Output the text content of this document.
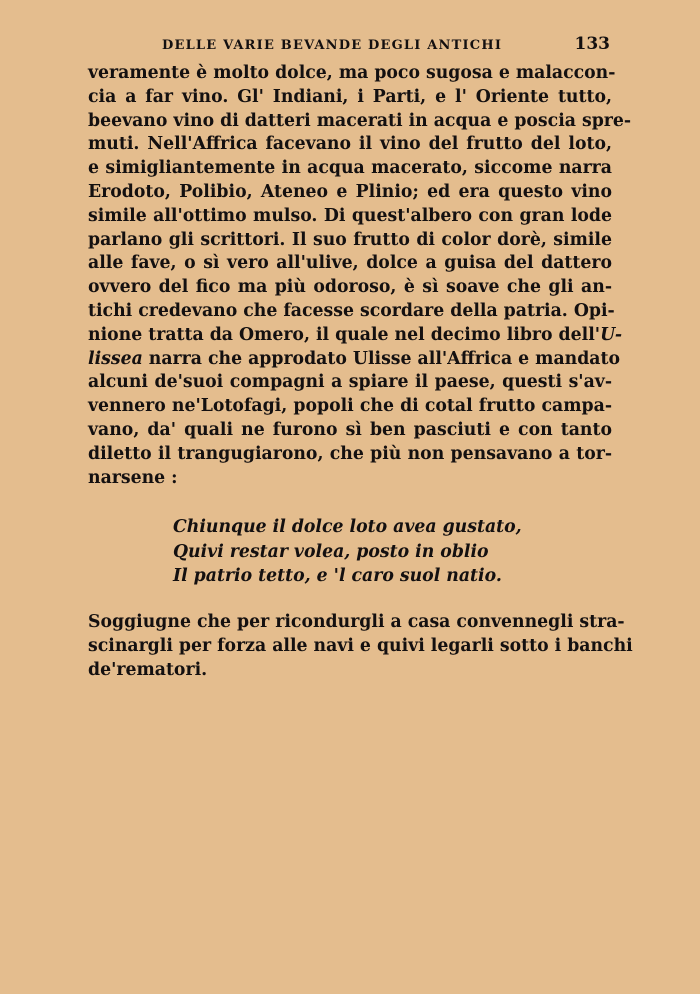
DELLE VARIE BEVANDE DEGLI ANTICHI	133
veramente è molto dolce, ma poco sugosa e malaccon-
cia a far vino. Gl' Indiani, i Parti, e l' Oriente tutto,
beevano vino di datteri macerati in acqua e poscia spre-
muti. Nell'Affrica facevano il vino del frutto del loto,
e simigliantemente in acqua macerato, siccome narra
Erodoto, Polibio, Ateneo e Plinio; ed era questo vino
simile all'ottimo mulso. Di quest'albero con gran lode
parlano gli scrittori. Il suo frutto di color dorè, simile
alle fave, o sì vero all'ulive, dolce a guisa del dattero
ovvero del fico ma più odoroso, è sì soave che gli an-
tichi credevano che facesse scordare della patria. Opi-
nione tratta da Omero, il quale nel decimo libro dell'U-
lissea narra che approdato Ulisse all'Affrica e mandato
alcuni de'suoi compagni a spiare il paese, questi s'av-
vennero ne'Lotofagi, popoli che di cotal frutto campa-
vano, da' quali ne furono sì ben pasciuti e con tanto
diletto il trangugiarono, che più non pensavano a tor-
narsene :
Chiunque il dolce loto avea gustato,
Quivi restar volea, posto in oblio
Il patrio tetto, e 'l caro suol natio.
Soggiugne che per ricondurgli a casa convennegli stra-
scinargli per forza alle navi e quivi legarli sotto i banchi
de'rematori.
